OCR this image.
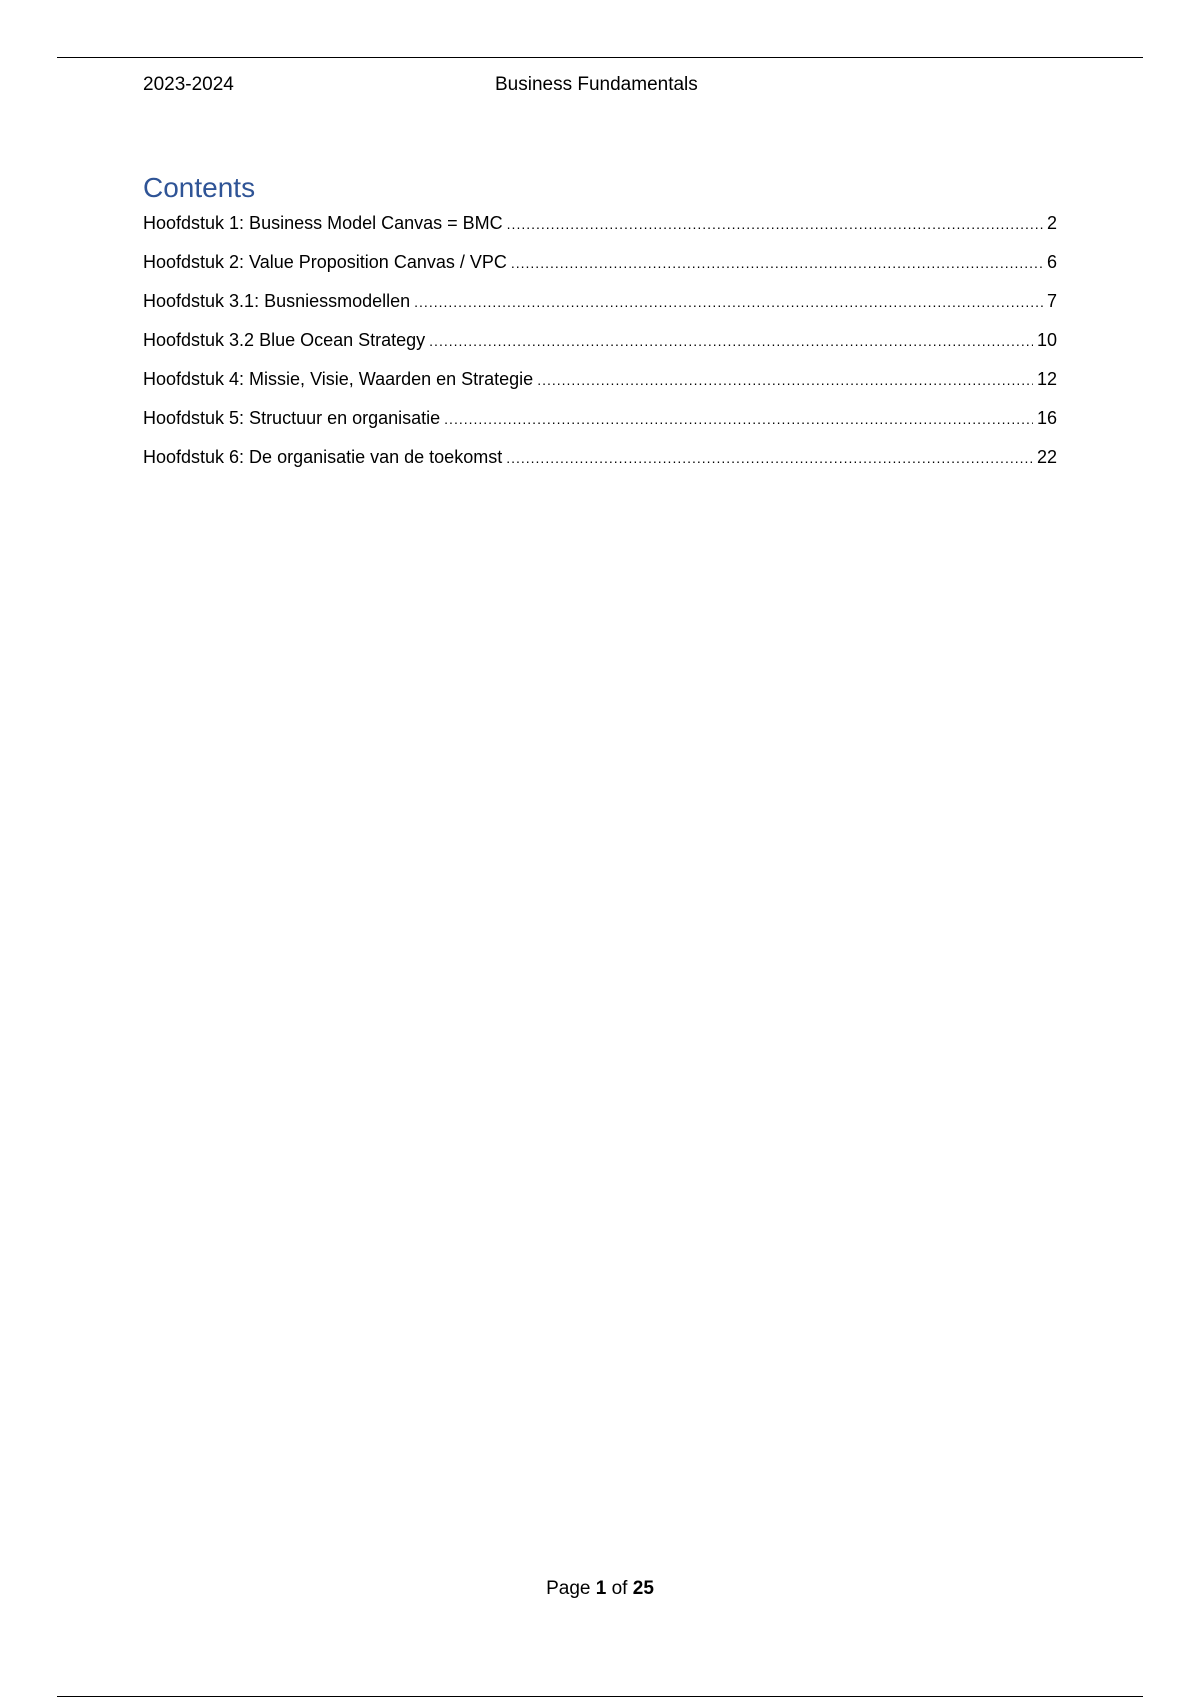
2023-2024	Business Fundamentals
Contents
Hoofdstuk 1: Business Model Canvas = BMC .....	2
Hoofdstuk 2: Value Proposition Canvas / VPC .....	6
Hoofdstuk 3.1: Busniessmodellen .....	7
Hoofdstuk 3.2 Blue Ocean Strategy .....	10
Hoofdstuk 4: Missie, Visie, Waarden en Strategie .....	12
Hoofdstuk 5: Structuur en organisatie .....	16
Hoofdstuk 6: De organisatie van de toekomst .....	22
Page 1 of 25
